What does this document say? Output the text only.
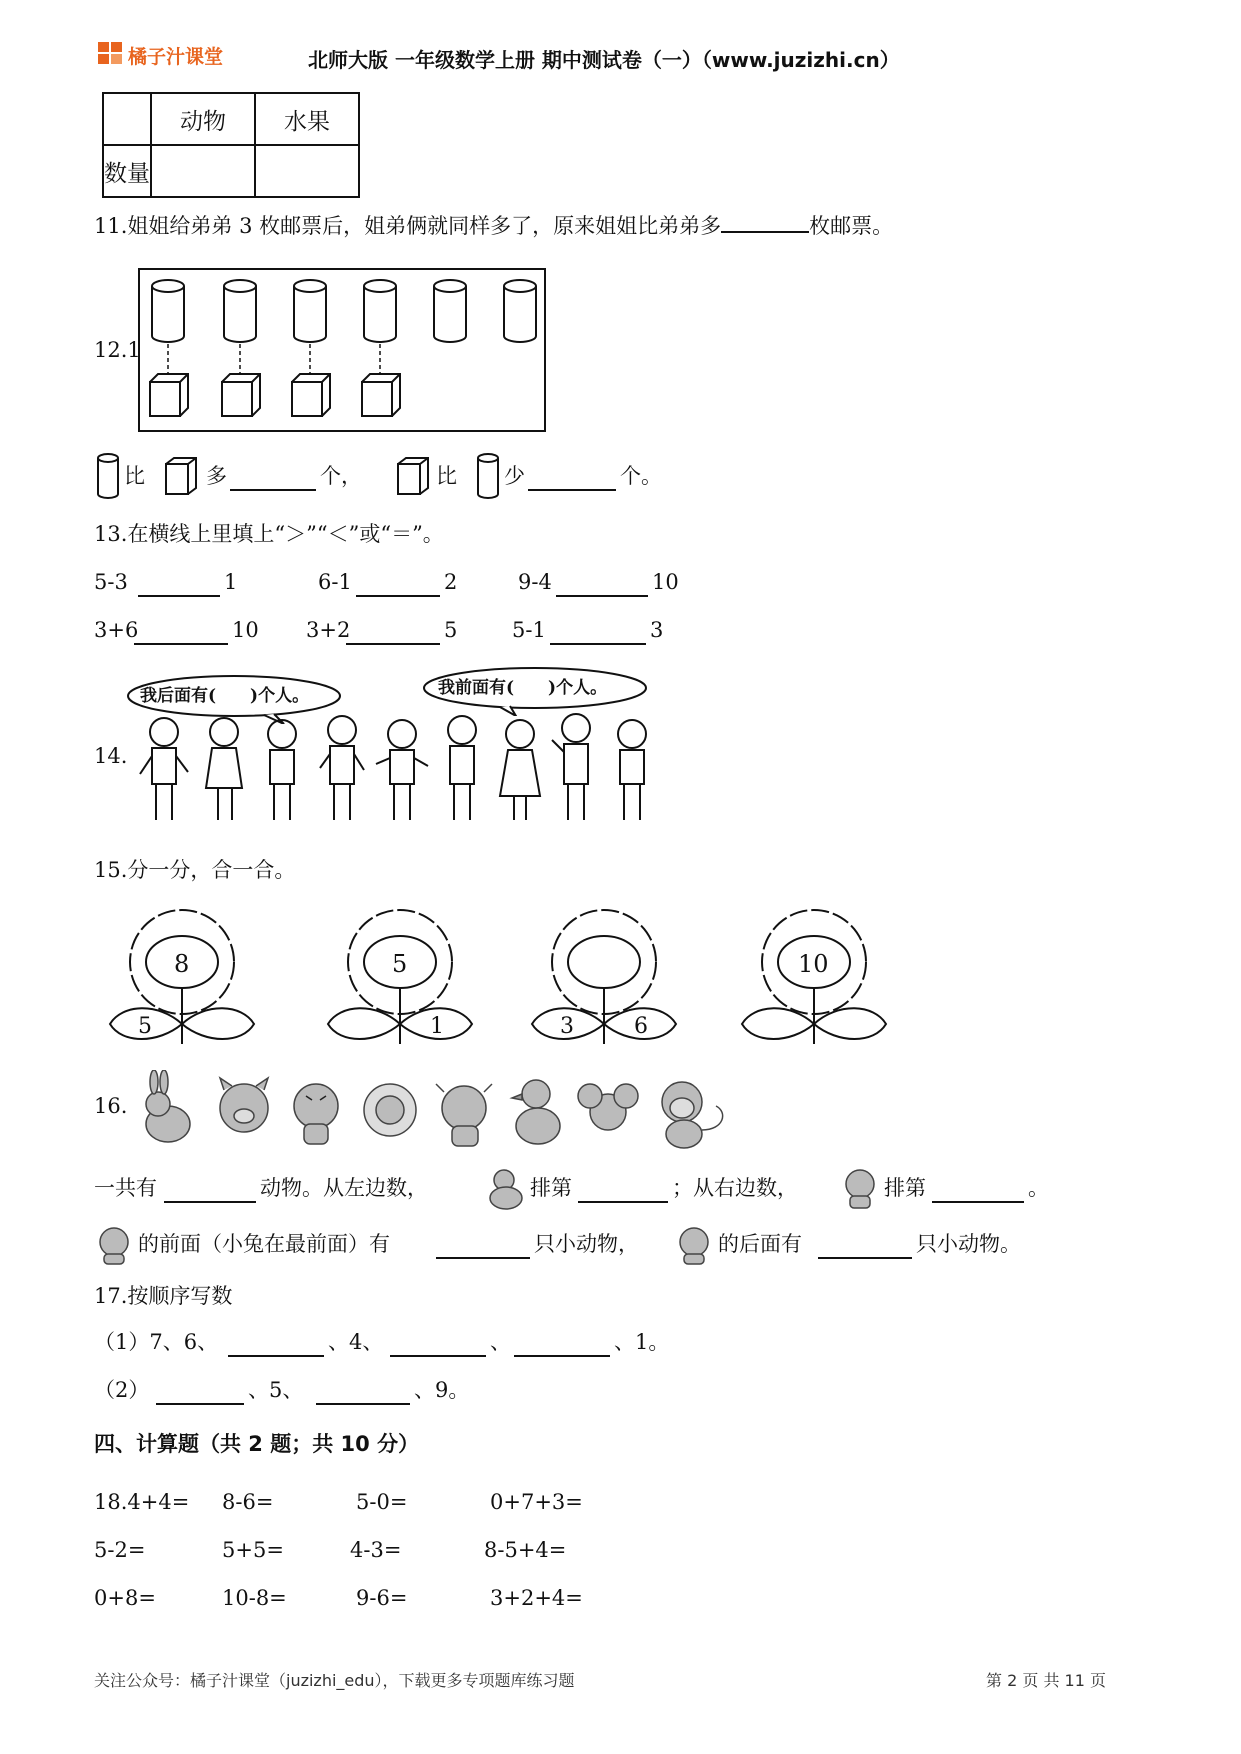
橘子汁课堂	北师大版 一年级数学上册 期中测试卷（一）（www.juzizhi.cn）
	动物	水果
数量		
11.姐姐给弟弟 3 枚邮票后，姐弟俩就同样多了，原来姐姐比弟弟多	枚邮票。
12.1
比	多	个，	比 少	个。
13.在横线上里填上“＞”“＜”或“＝”。
5-3	1	6-1	2	9-4	10
3+6	10 3+2	5	5-1	3
14.
我后面有(　　)个人。	我前面有(　　)个人。
15.分一分，合一合。
8
5
5
1	3	6
10
16.
一共有	动物。从左边数，	排第	；从右边数，	排第	。
的前面（小兔在最前面）有	只小动物，	的后面有	只小动物。
17.按顺序写数
（1）7、6、	、4、	、	、1。
（2）	、5、	、9。
四、计算题（共 2 题；共 10 分）
18.4+4= 8-6=	5-0=	0+7+3=
5-2=	5+5=	4-3=	8-5+4=
0+8=	10-8=	9-6=	3+2+4=
关注公众号：橘子汁课堂（juzizhi_edu），下载更多专项题库练习题	第 2 页 共 11 页
